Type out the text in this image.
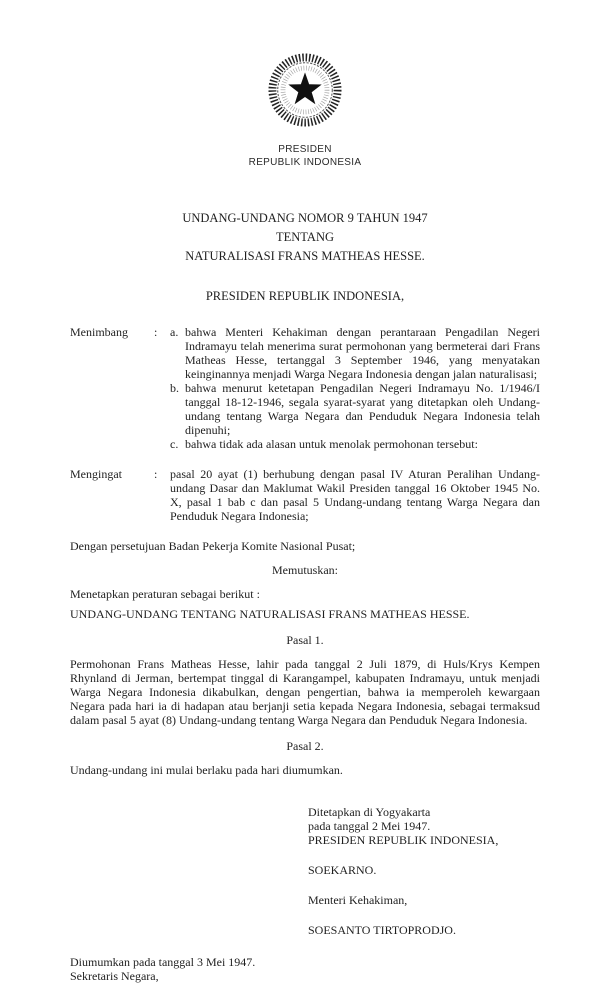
PRESIDEN
REPUBLIK INDONESIA
UNDANG-UNDANG NOMOR 9 TAHUN 1947
TENTANG
NATURALISASI FRANS MATHEAS HESSE.
PRESIDEN REPUBLIK INDONESIA,
Menimbang	:	a. bahwa Menteri Kehakiman dengan perantaraan Pengadilan Negeri Indramayu telah menerima surat permohonan yang bermeterai dari Frans Matheas Hesse, tertanggal 3 September 1946, yang menyatakan keinginannya menjadi Warga Negara Indonesia dengan jalan naturalisasi;
b. bahwa menurut ketetapan Pengadilan Negeri Indramayu No. 1/1946/I tanggal 18-12-1946, segala syarat-syarat yang ditetapkan oleh Undang-undang tentang Warga Negara dan Penduduk Negara Indonesia telah dipenuhi;
c. bahwa tidak ada alasan untuk menolak permohonan tersebut:
Mengingat	:	pasal 20 ayat (1) berhubung dengan pasal IV Aturan Peralihan Undang-undang Dasar dan Maklumat Wakil Presiden tanggal 16 Oktober 1945 No. X, pasal 1 bab c dan pasal 5 Undang-undang tentang Warga Negara dan Penduduk Negara Indonesia;
Dengan persetujuan Badan Pekerja Komite Nasional Pusat;
Memutuskan:
Menetapkan peraturan sebagai berikut :
UNDANG-UNDANG TENTANG NATURALISASI FRANS MATHEAS HESSE.
Pasal 1.
Permohonan Frans Matheas Hesse, lahir pada tanggal 2 Juli 1879, di Huls/Krys Kempen Rhynland di Jerman, bertempat tinggal di Karangampel, kabupaten Indramayu, untuk menjadi Warga Negara Indonesia dikabulkan, dengan pengertian, bahwa ia memperoleh kewargaan Negara pada hari ia di hadapan atau berjanji setia kepada Negara Indonesia, sebagai termaksud dalam pasal 5 ayat (8) Undang-undang tentang Warga Negara dan Penduduk Negara Indonesia.
Pasal 2.
Undang-undang ini mulai berlaku pada hari diumumkan.
Ditetapkan di Yogyakarta
pada tanggal 2 Mei 1947.
PRESIDEN REPUBLIK INDONESIA,
SOEKARNO.
Menteri Kehakiman,
SOESANTO TIRTOPRODJO.
Diumumkan pada tanggal 3 Mei 1947.
Sekretaris Negara,
